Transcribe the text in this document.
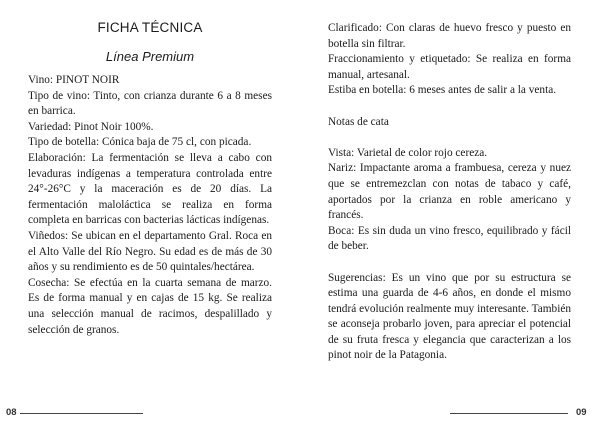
FICHA TÉCNICA
Línea Premium

Vino: PINOT NOIR

Tipo de vino: Tinto, con crianza durante 6 a 8 meses en barrica.

Variedad: Pinot Noir 100%.

Tipo de botella: Cónica baja de 75 cl, con picada.

Elaboración: La fermentación se lleva a cabo con levaduras indígenas a temperatura controlada entre 24°-26°C y la maceración es de 20 días. La fermentación maloláctica se realiza en forma completa en barricas con bacterias lácticas indígenas.

Viñedos: Se ubican en el departamento Gral. Roca en el Alto Valle del Río Negro. Su edad es de más de 30 años y su rendimiento es de 50 quintales/hectárea.

Cosecha: Se efectúa en la cuarta semana de marzo. Es de forma manual y en cajas de 15 kg. Se realiza una selección manual de racimos, despalillado y selección de granos.

08

Clarificado: Con claras de huevo fresco y puesto en botella sin filtrar.

Fraccionamiento y etiquetado: Se realiza en forma manual, artesanal.

Estiba en botella: 6 meses antes de salir a la venta.

Notas de cata

Vista: Varietal de color rojo cereza.

Nariz: Impactante aroma a frambuesa, cereza y nuez que se entremezclan con notas de tabaco y café, aportados por la crianza en roble americano y francés.

Boca: Es sin duda un vino fresco, equilibrado y fácil de beber.

Sugerencias: Es un vino que por su estructura se estima una guarda de 4-6 años, en donde el mismo tendrá evolución realmente muy interesante. También se aconseja probarlo joven, para apreciar el potencial de su fruta fresca y elegancia que caracterizan a los pinot noir de la Patagonia.

09
